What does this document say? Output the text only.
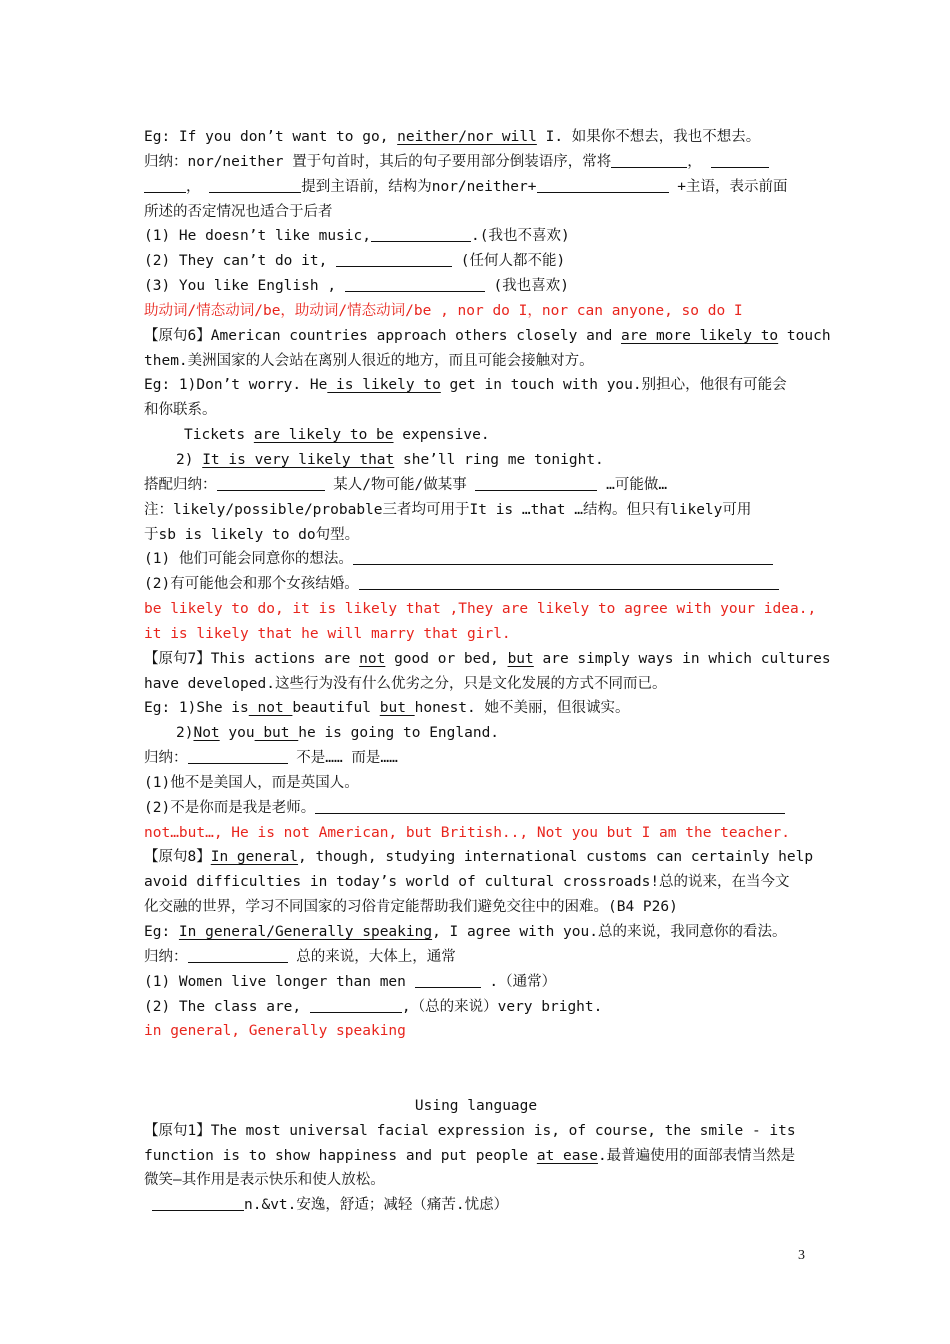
Eg: If you don’t want to go, neither/nor will I. 如果你不想去，我也不想去。
归纳：nor/neither 置于句首时，其后的句子要用部分倒装语序，常将	，
，	提到主语前，结构为nor/neither+	+主语，表示前面
所述的否定情况也适合于后者
(1) He doesn’t like music,	.(我也不喜欢)
(2) They can’t do it,	(任何人都不能)
(3) You like English ,	(我也喜欢)
助动词/情态动词/be，助动词/情态动词/be , nor do I，nor can anyone, so do I
【原句6】American countries approach others closely and are more likely to touch
them.美洲国家的人会站在离别人很近的地方，而且可能会接触对方。
Eg: 1)Don’t worry. He is likely to get in touch with you.别担心，他很有可能会
和你联系。
Tickets are likely to be expensive.
2) It is very likely that she’ll ring me tonight.
搭配归纳：	某人/物可能/做某事	…可能做…
注：likely/possible/probable三者均可用于It is …that …结构。但只有likely可用
于sb is likely to do句型。
(1) 他们可能会同意你的想法。
(2)有可能他会和那个女孩结婚。
be likely to do, it is likely that ,They are likely to agree with your idea.,
it is likely that he will marry that girl.
【原句7】This actions are not good or bed, but are simply ways in which cultures
have developed.这些行为没有什么优劣之分，只是文化发展的方式不同而已。
Eg: 1)She is not beautiful but honest. 她不美丽，但很诚实。
2)Not you but he is going to England.
归纳：	不是…… 而是……
(1)他不是美国人，而是英国人。
(2)不是你而是我是老师。
not…but…, He is not American, but British.., Not you but I am the teacher.
【原句8】In general, though, studying international customs can certainly help
avoid difficulties in today’s world of cultural crossroads!总的说来，在当今文
化交融的世界，学习不同国家的习俗肯定能帮助我们避免交往中的困难。(B4 P26)
Eg: In general/Generally speaking, I agree with you.总的来说，我同意你的看法。
归纳：	总的来说，大体上，通常
(1) Women live longer than men	.（通常）
(2) The class are,	,（总的来说）very bright.
in general, Generally speaking
Using language
【原句1】The most universal facial expression is, of course, the smile - its
function is to show happiness and put people at ease.最普遍使用的面部表情当然是
微笑—其作用是表示快乐和使人放松。
n.&vt.安逸，舒适；减轻（痛苦.忧虑）
3
